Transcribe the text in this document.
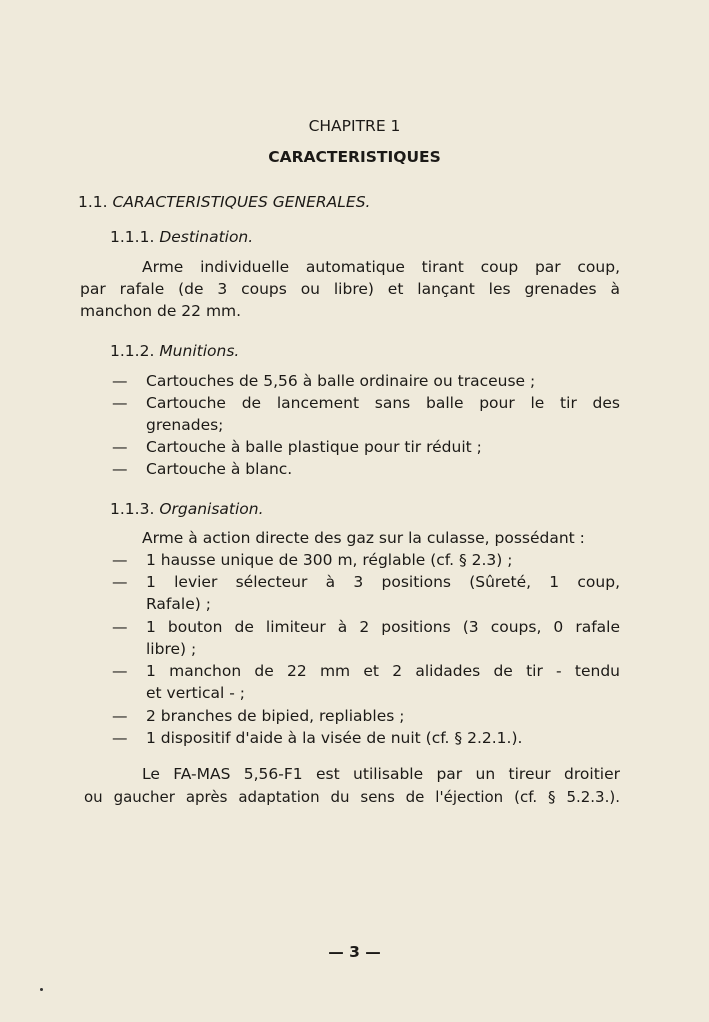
CHAPITRE 1
CARACTERISTIQUES
1.1. CARACTERISTIQUES GENERALES.
1.1.1. Destination.
Arme individuelle automatique tirant coup par coup,
par rafale (de 3 coups ou libre) et lançant les grenades à
manchon de 22 mm.
1.1.2. Munitions.
— Cartouches de 5,56 à balle ordinaire ou traceuse ;
— Cartouche de lancement sans balle pour le tir des
grenades;
— Cartouche à balle plastique pour tir réduit ;
— Cartouche à blanc.
1.1.3. Organisation.
Arme à action directe des gaz sur la culasse, possédant :
— 1 hausse unique de 300 m, réglable (cf. § 2.3) ;
— 1 levier sélecteur à 3 positions (Sûreté, 1 coup,
Rafale) ;
— 1 bouton de limiteur à 2 positions (3 coups, 0 rafale
libre) ;
— 1 manchon de 22 mm et 2 alidades de tir - tendu
et vertical - ;
— 2 branches de bipied, repliables ;
— 1 dispositif d'aide à la visée de nuit (cf. § 2.2.1.).
Le FA-MAS 5,56-F1 est utilisable par un tireur droitier
ou gaucher après adaptation du sens de l'éjection (cf. § 5.2.3.).
— 3 —
